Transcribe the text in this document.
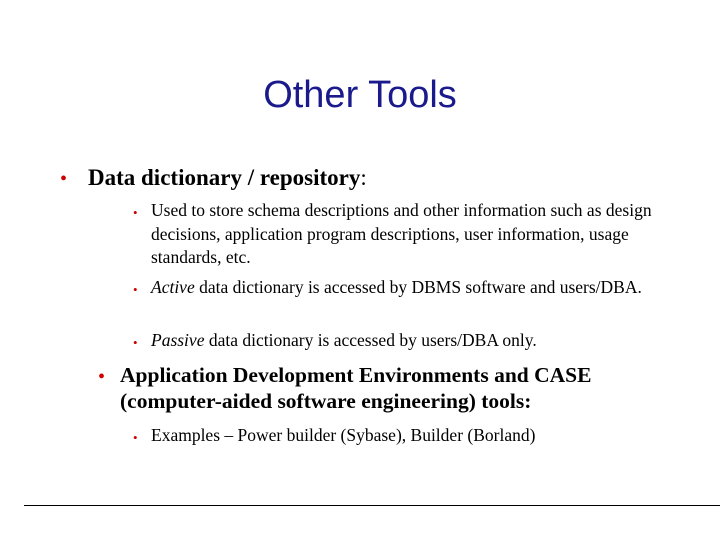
Other Tools
• Data dictionary / repository:
• Used to store schema descriptions and other information such as design decisions, application program descriptions, user information, usage standards, etc.
• Active data dictionary is accessed by DBMS software and users/DBA.
• Passive data dictionary is accessed by users/DBA only.
• Application Development Environments and CASE (computer-aided software engineering) tools:
• Examples – Power builder (Sybase), Builder (Borland)
